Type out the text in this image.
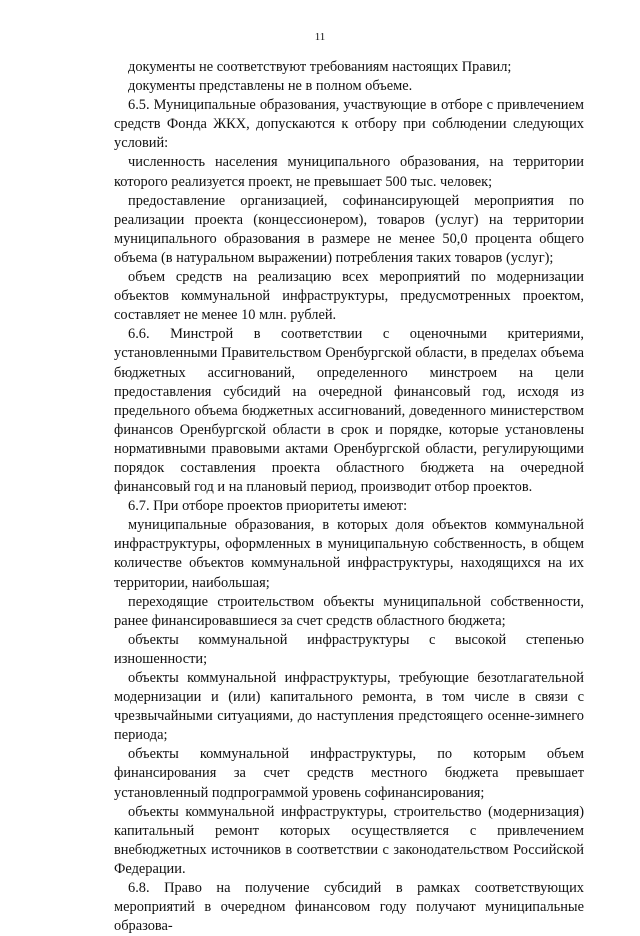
11

документы не соответствуют требованиям настоящих Правил;

документы представлены не в полном объеме.

6.5. Муниципальные образования, участвующие в отборе с привлечением средств Фонда ЖКХ, допускаются к отбору при соблюдении следующих условий:

численность населения муниципального образования, на территории которого реализуется проект, не превышает 500 тыс. человек;

предоставление организацией, софинансирующей мероприятия по реализации проекта (концессионером), товаров (услуг) на территории муниципального образования в размере не менее 50,0 процента общего объема (в натуральном выражении) потребления таких товаров (услуг);

объем средств на реализацию всех мероприятий по модернизации объектов коммунальной инфраструктуры, предусмотренных проектом, составляет не менее 10 млн. рублей.

6.6. Минстрой в соответствии с оценочными критериями, установленными Правительством Оренбургской области, в пределах объема бюджетных ассигнований, определенного минстроем на цели предоставления субсидий на очередной финансовый год, исходя из предельного объема бюджетных ассигнований, доведенного министерством финансов Оренбургской области в срок и порядке, которые установлены нормативными правовыми актами Оренбургской области, регулирующими порядок составления проекта областного бюджета на очередной финансовый год и на плановый период, производит отбор проектов.

6.7. При отборе проектов приоритеты имеют:

муниципальные образования, в которых доля объектов коммунальной инфраструктуры, оформленных в муниципальную собственность, в общем количестве объектов коммунальной инфраструктуры, находящихся на их территории, наибольшая;

переходящие строительством объекты муниципальной собственности, ранее финансировавшиеся за счет средств областного бюджета;

объекты коммунальной инфраструктуры с высокой степенью изношенности;

объекты коммунальной инфраструктуры, требующие безотлагательной модернизации и (или) капитального ремонта, в том числе в связи с чрезвычайными ситуациями, до наступления предстоящего осенне-зимнего периода;

объекты коммунальной инфраструктуры, по которым объем финансирования за счет средств местного бюджета превышает установленный подпрограммой уровень софинансирования;

объекты коммунальной инфраструктуры, строительство (модернизация) капитальный ремонт которых осуществляется с привлечением внебюджетных источников в соответствии с законодательством Российской Федерации.

6.8. Право на получение субсидий в рамках соответствующих мероприятий в очередном финансовом году получают муниципальные образова-
